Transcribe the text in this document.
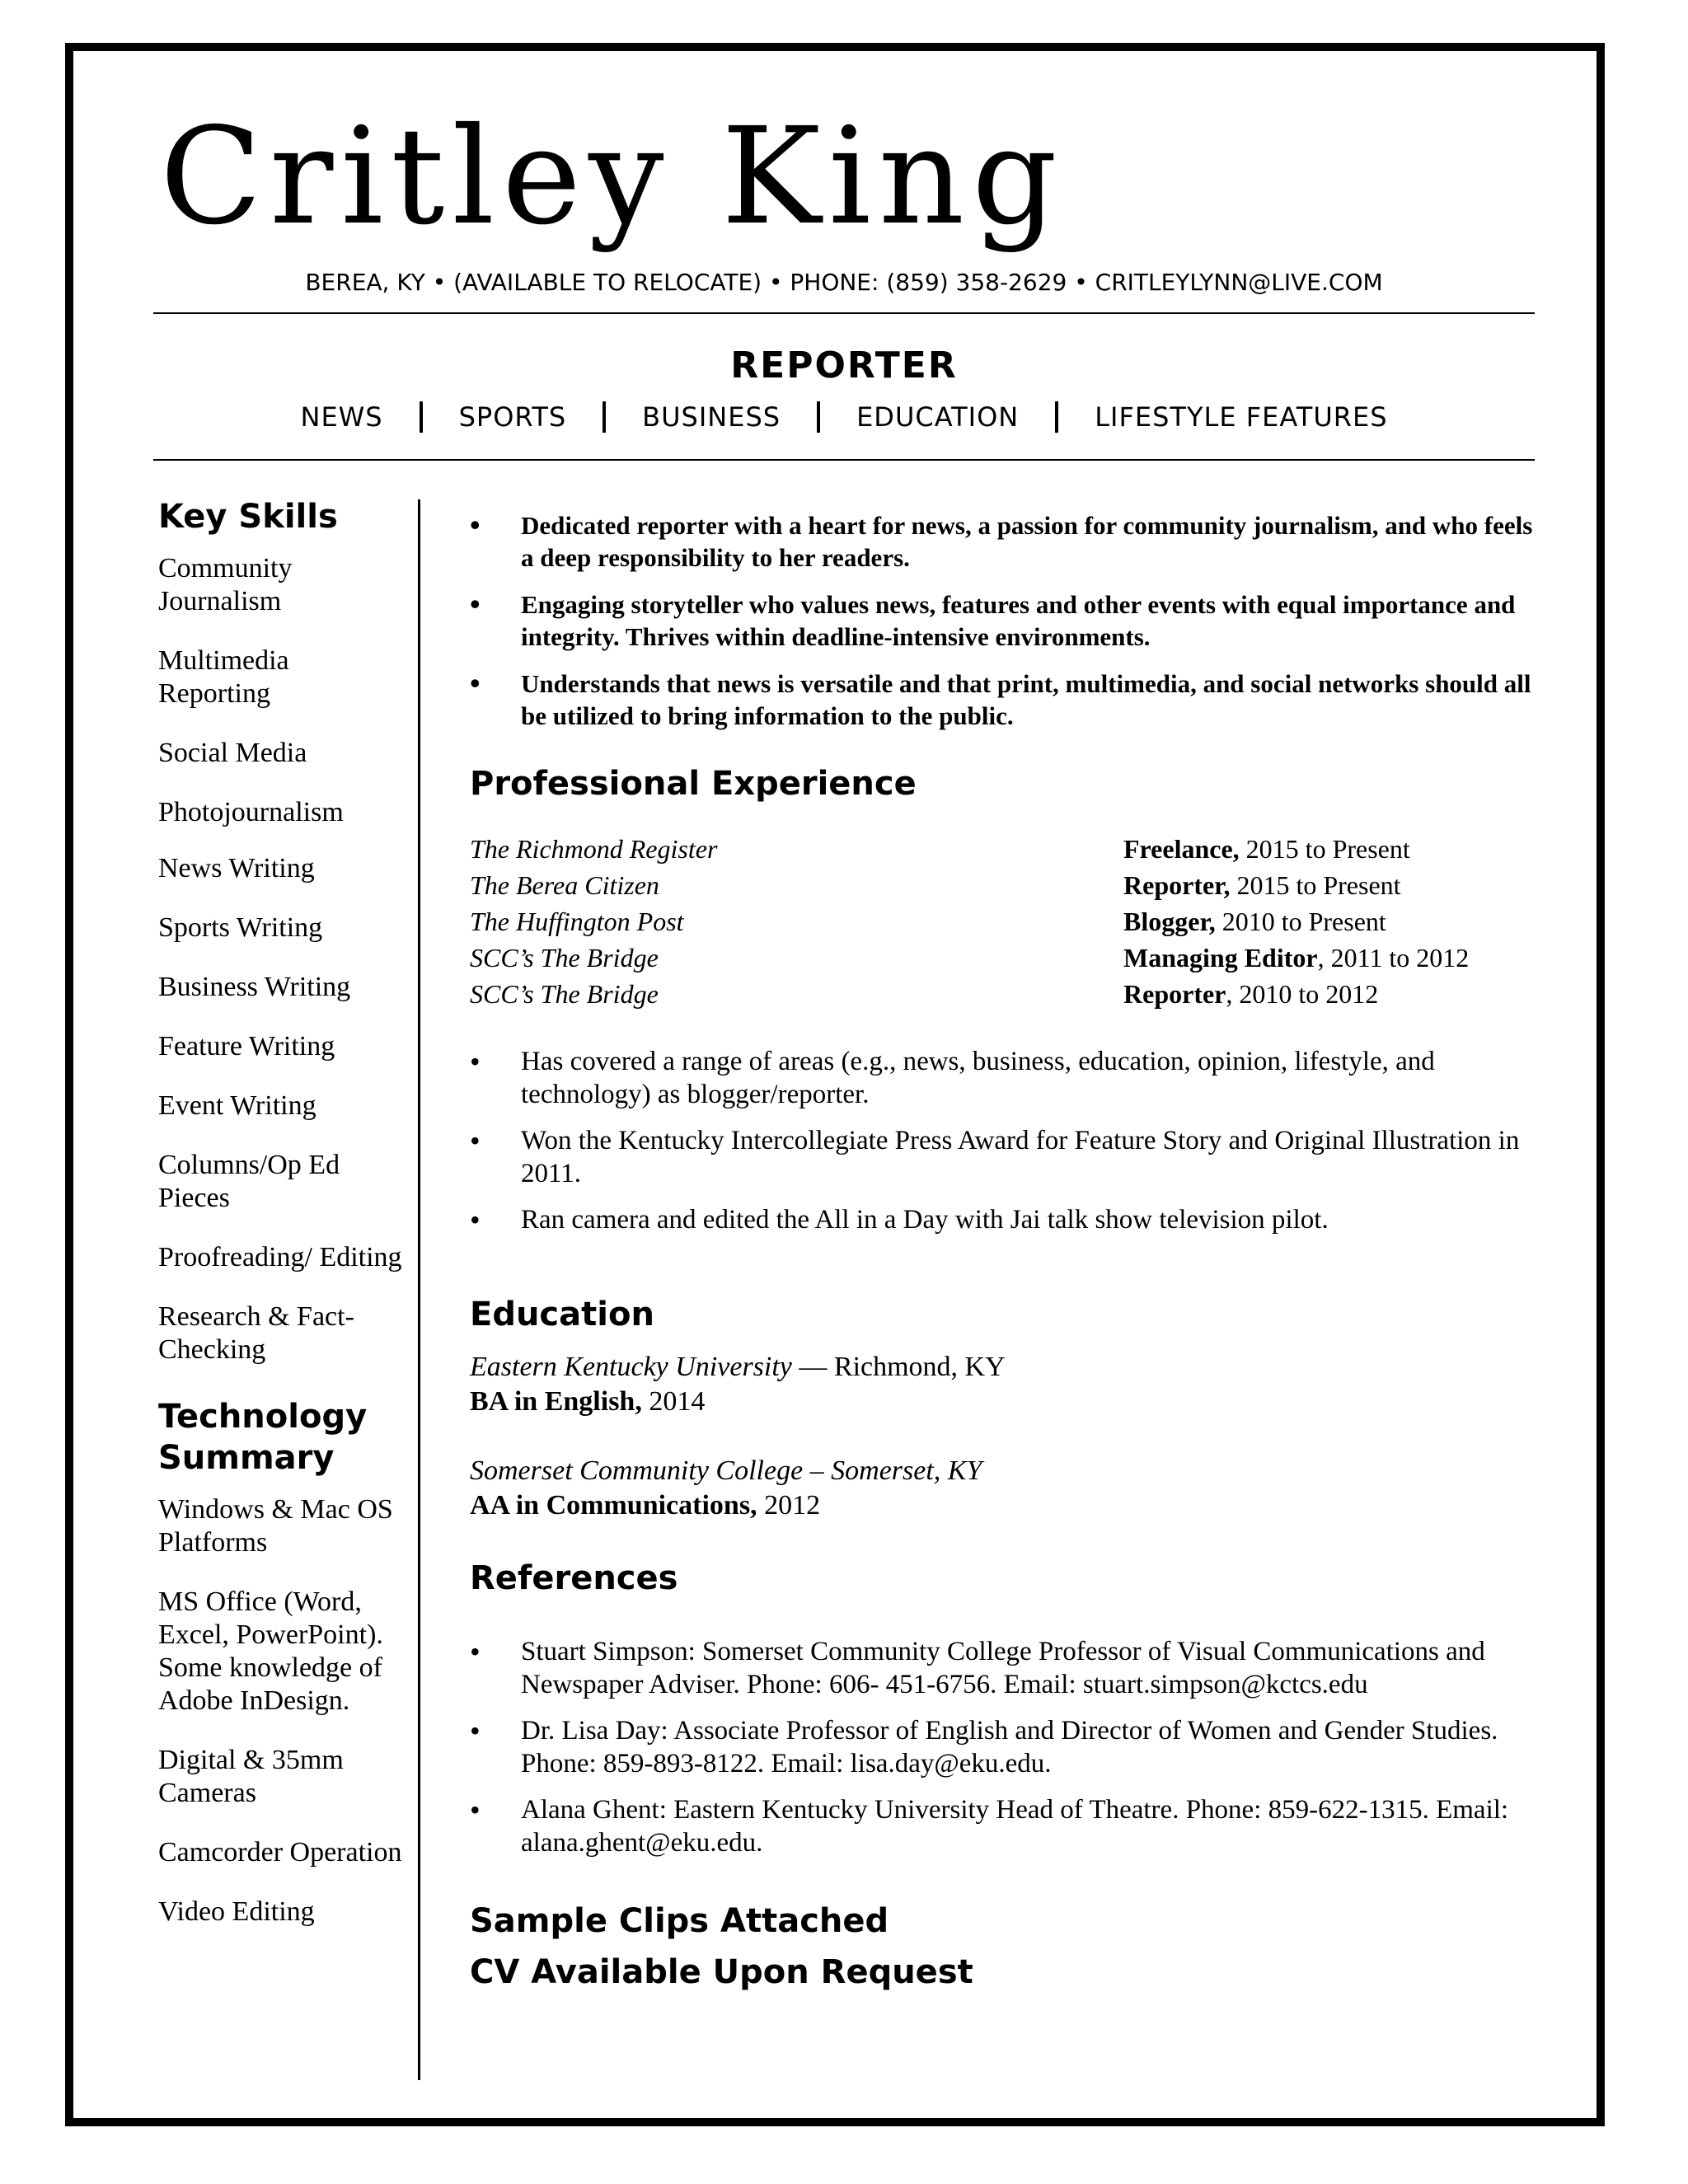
Critley King
BEREA, KY • (AVAILABLE TO RELOCATE) • PHONE: (859) 358-2629 • CRITLEYLYNN@LIVE.COM
REPORTER
NEWS	SPORTS	BUSINESS	EDUCATION	LIFESTYLE FEATURES
Key Skills
Community Journalism
Multimedia Reporting
Social Media
Photojournalism
News Writing
Sports Writing
Business Writing
Feature Writing
Event Writing
Columns/Op Ed Pieces
Proofreading/ Editing
Research & Fact-Checking
Technology Summary
Windows & Mac OS Platforms
MS Office (Word, Excel, PowerPoint). Some knowledge of Adobe InDesign.
Digital & 35mm Cameras
Camcorder Operation
Video Editing
• Dedicated reporter with a heart for news, a passion for community journalism, and who feels a deep responsibility to her readers.
• Engaging storyteller who values news, features and other events with equal importance and integrity. Thrives within deadline-intensive environments.
• Understands that news is versatile and that print, multimedia, and social networks should all be utilized to bring information to the public.
Professional Experience
The Richmond Register	Freelance, 2015 to Present
The Berea Citizen	Reporter, 2015 to Present
The Huffington Post	Blogger, 2010 to Present
SCC’s The Bridge	Managing Editor, 2011 to 2012
SCC’s The Bridge	Reporter, 2010 to 2012
• Has covered a range of areas (e.g., news, business, education, opinion, lifestyle, and technology) as blogger/reporter.
• Won the Kentucky Intercollegiate Press Award for Feature Story and Original Illustration in 2011.
• Ran camera and edited the All in a Day with Jai talk show television pilot.
Education
Eastern Kentucky University — Richmond, KY
BA in English, 2014
Somerset Community College – Somerset, KY
AA in Communications, 2012
References
• Stuart Simpson: Somerset Community College Professor of Visual Communications and Newspaper Adviser. Phone: 606- 451-6756. Email: stuart.simpson@kctcs.edu
• Dr. Lisa Day: Associate Professor of English and Director of Women and Gender Studies. Phone: 859-893-8122. Email: lisa.day@eku.edu.
• Alana Ghent: Eastern Kentucky University Head of Theatre. Phone: 859-622-1315. Email: alana.ghent@eku.edu.
Sample Clips Attached
CV Available Upon Request
